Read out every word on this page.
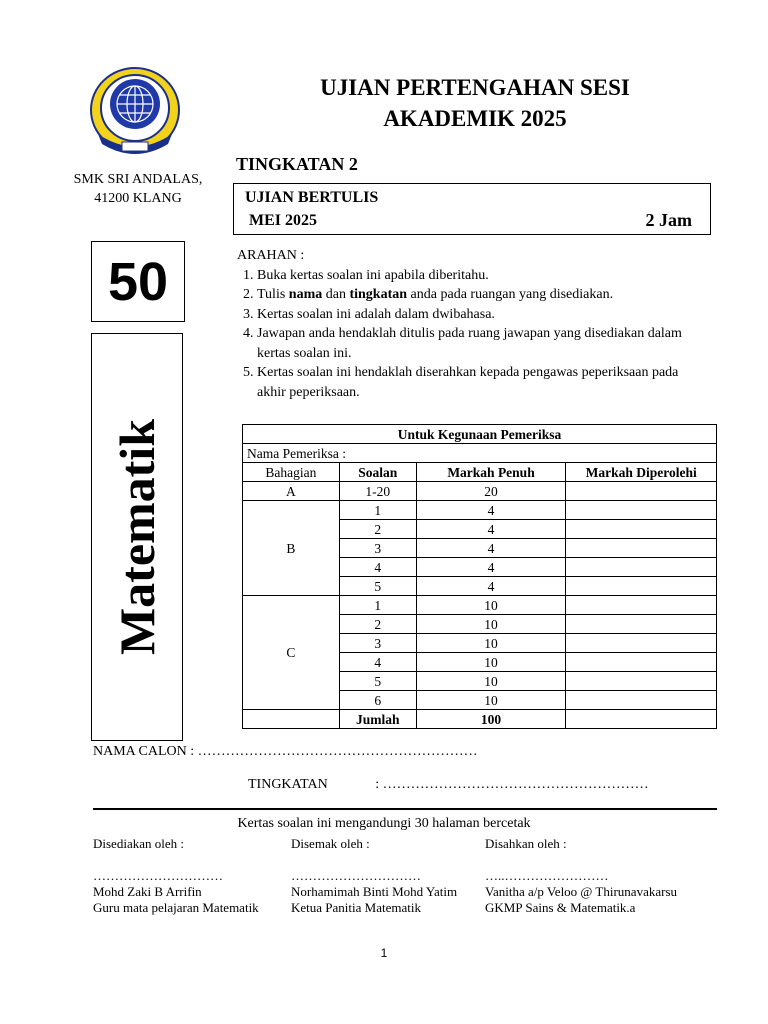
SMK SRI ANDALAS,
41200 KLANG
UJIAN PERTENGAHAN SESI
AKADEMIK 2025
TINGKATAN 2
UJIAN BERTULIS
MEI 2025	2 Jam
50
Matematik
ARAHAN :
1. Buka kertas soalan ini apabila diberitahu.
2. Tulis nama dan tingkatan anda pada ruangan yang disediakan.
3. Kertas soalan ini adalah dalam dwibahasa.
4. Jawapan anda hendaklah ditulis pada ruang jawapan yang disediakan dalam kertas soalan ini.
5. Kertas soalan ini hendaklah diserahkan kepada pengawas peperiksaan pada akhir peperiksaan.
Untuk Kegunaan Pemeriksa			
Nama Pemeriksa :			
Bahagian	Soalan	Markah Penuh	Markah Diperolehi
A	1-20	20	
B	1	4	
	2	4	
	3	4	
	4	4	
	5	4	
C	1	10	
	2	10	
	3	10	
	4	10	
	5	10	
	6	10	
	Jumlah	100	
NAMA CALON : ……………………………………………………
TINGKATAN	: …………………………………………………
Kertas soalan ini mengandungi 30 halaman bercetak
Disediakan oleh :
…………………………
Mohd Zaki B Arrifin
Guru mata pelajaran Matematik
Disemak oleh :
…………………………
Norhamimah Binti Mohd Yatim
Ketua Panitia Matematik
Disahkan oleh :
…..……………………
Vanitha a/p Veloo @ Thirunavakarsu
GKMP Sains & Matematik.a
1
